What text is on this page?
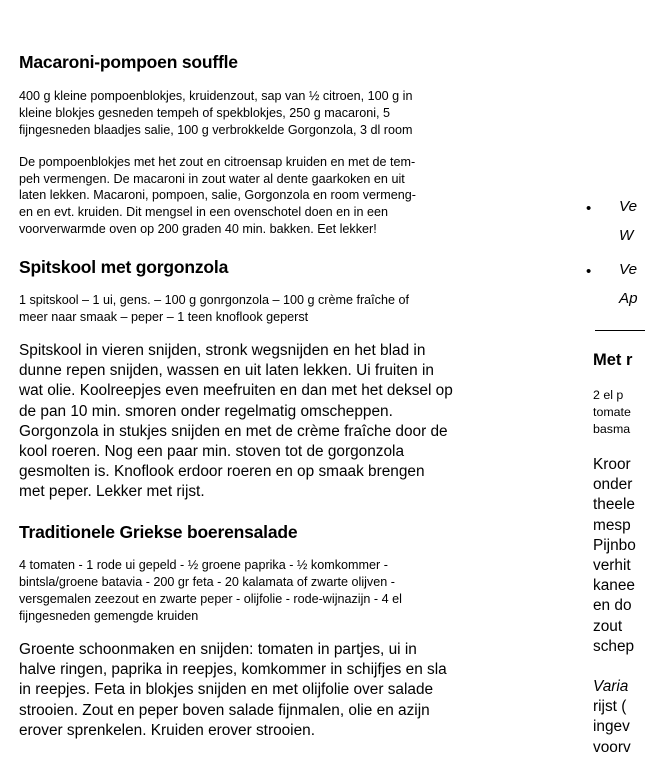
Macaroni-pompoen souffle

400 g kleine pompoenblokjes, kruidenzout, sap van ½ citroen, 100 g in
kleine blokjes gesneden tempeh of spekblokjes, 250 g macaroni, 5
fijngesneden blaadjes salie, 100 g verbrokkelde Gorgonzola, 3 dl room

De pompoenblokjes met het zout en citroensap kruiden en met de tem-
peh vermengen. De macaroni in zout water al dente gaarkoken en uit
laten lekken. Macaroni, pompoen, salie, Gorgonzola en room vermeng-
en en evt. kruiden. Dit mengsel in een ovenschotel doen en in een
voorverwarmde oven op 200 graden 40 min. bakken. Eet lekker!

Spitskool met gorgonzola

1 spitskool – 1 ui, gens. – 100 g gonrgonzola – 100 g crème fraîche of
meer naar smaak – peper – 1 teen knoflook geperst

Spitskool in vieren snijden, stronk wegsnijden en het blad in
dunne repen snijden, wassen en uit laten lekken. Ui fruiten in
wat olie. Koolreepjes even meefruiten en dan met het deksel op
de pan 10 min. smoren onder regelmatig omscheppen.
Gorgonzola in stukjes snijden en met de crème fraîche door de
kool roeren. Nog een paar min. stoven tot de gorgonzola
gesmolten is. Knoflook erdoor roeren en op smaak brengen
met peper. Lekker met rijst.

Traditionele Griekse boerensalade

4 tomaten - 1 rode ui gepeld - ½ groene paprika - ½ komkommer -
bintsla/groene batavia - 200 gr feta - 20 kalamata of zwarte olijven -
versgemalen zeezout en zwarte peper - olijfolie - rode-wijnazijn - 4 el
fijngesneden gemengde kruiden

Groente schoonmaken en snijden: tomaten in partjes, ui in
halve ringen, paprika in reepjes, komkommer in schijfjes en sla
in reepjes. Feta in blokjes snijden en met olijfolie over salade
strooien. Zout en peper boven salade fijnmalen, olie en azijn
erover sprenkelen. Kruiden erover strooien.

• Ve
W
• Ve
Ap
Met r
2 el p
tomate
basma
Kroor
onder
theele
mesp
Pijnbo
verhit
kanee
en do
zout
schep
Varia
rijst (
ingev
voorv
